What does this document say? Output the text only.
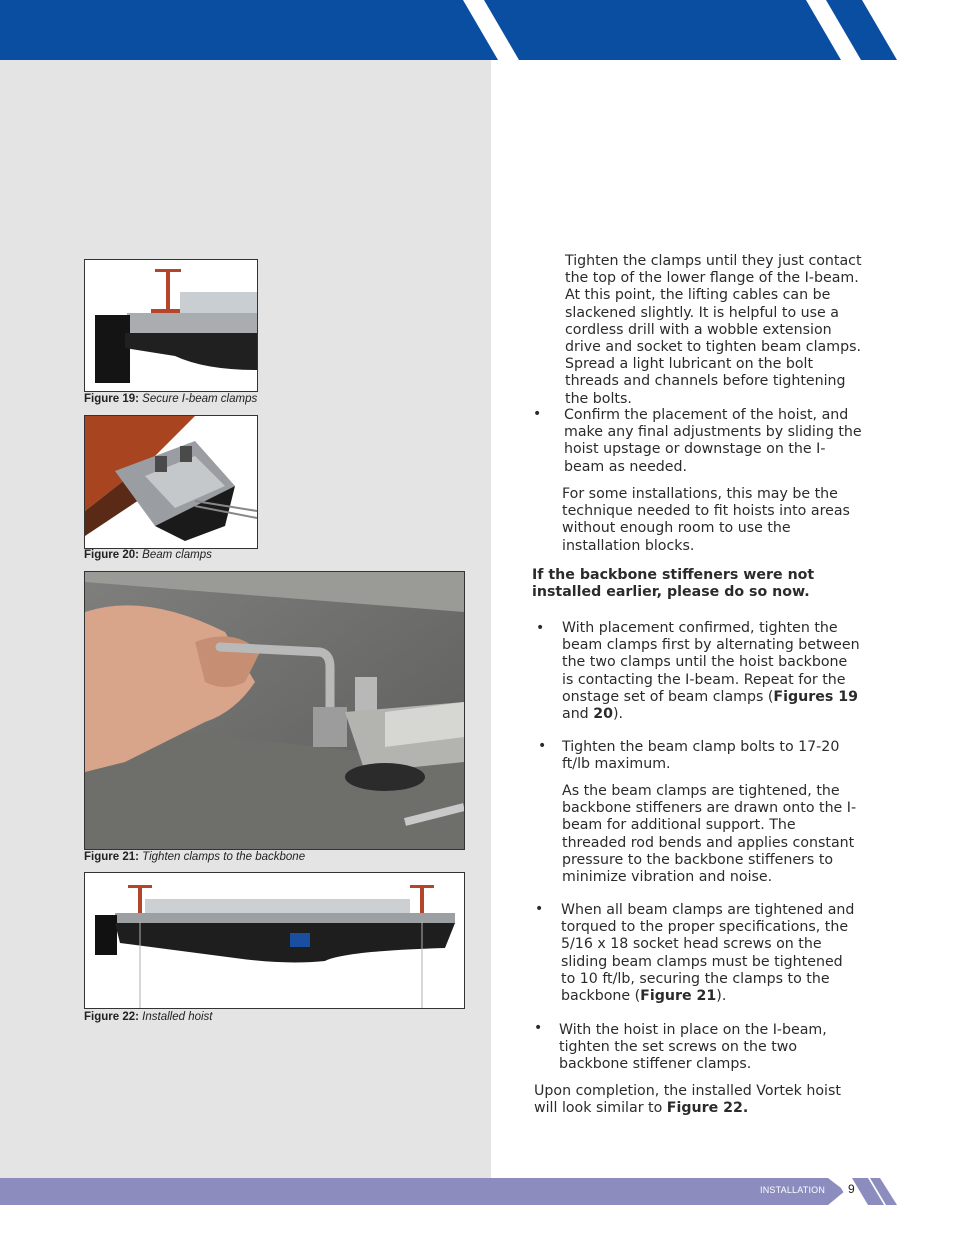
Figure 19: Secure I-beam clamps
Figure 20: Beam clamps
Figure 21: Tighten clamps to the backbone
Figure 22: Installed hoist
Tighten the clamps until they just contact the top of the lower flange of the I-beam. At this point, the lifting cables can be slackened slightly. It is helpful to use a cordless drill with a wobble extension drive and socket to tighten beam clamps. Spread a light lubricant on the bolt threads and channels before tightening the bolts.
• Confirm the placement of the hoist, and make any final adjustments by sliding the hoist upstage or downstage on the I-beam as needed.
For some installations, this may be the technique needed to fit hoists into areas without enough room to use the installation blocks.
If the backbone stiffeners were not installed earlier, please do so now.
• With placement confirmed, tighten the beam clamps first by alternating between the two clamps until the hoist backbone is contacting the I-beam. Repeat for the onstage set of beam clamps (Figures 19 and 20).
• Tighten the beam clamp bolts to 17-20 ft/lb maximum.
As the beam clamps are tightened, the backbone stiffeners are drawn onto the I-beam for additional support. The threaded rod bends and applies constant pressure to the backbone stiffeners to minimize vibration and noise.
• When all beam clamps are tightened and torqued to the proper specifications, the 5/16 x 18 socket head screws on the sliding beam clamps must be tightened to 10 ft/lb, securing the clamps to the backbone (Figure 21).
• With the hoist in place on the I-beam, tighten the set screws on the two backbone stiffener clamps.
Upon completion, the installed Vortek hoist will look similar to Figure 22.
INSTALLATION 9
